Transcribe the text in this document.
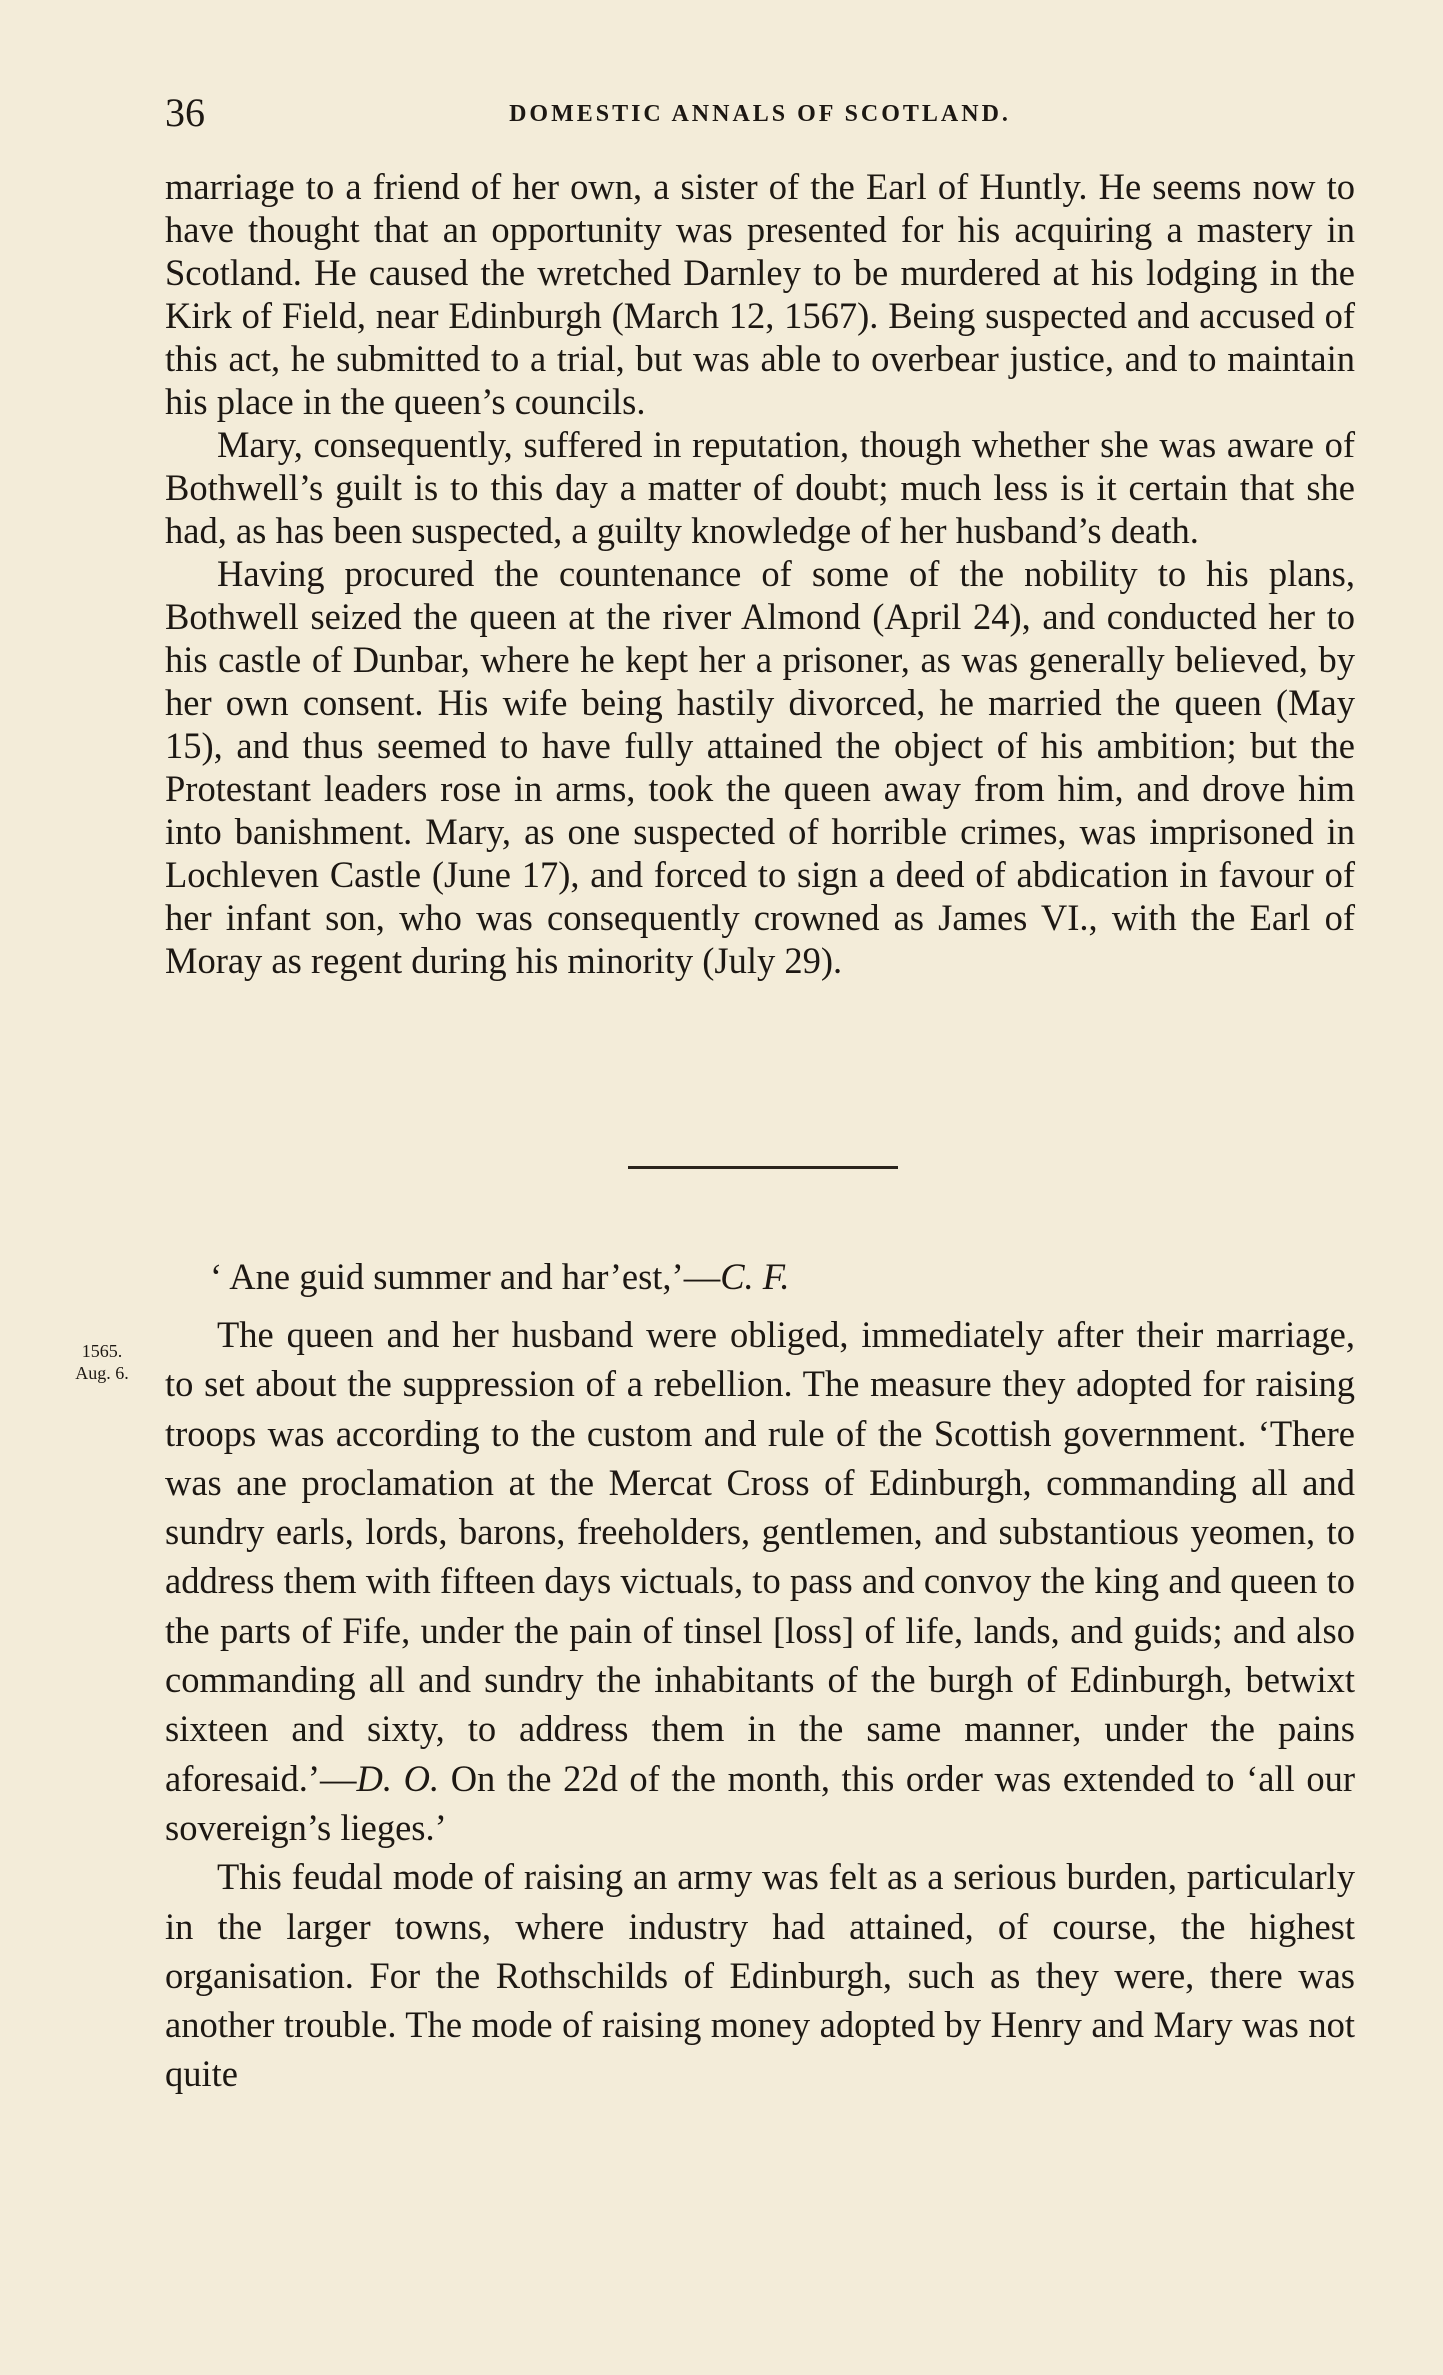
36	DOMESTIC ANNALS OF SCOTLAND.

marriage to a friend of her own, a sister of the Earl of Huntly. He seems now to have thought that an opportunity was presented for his acquiring a mastery in Scotland. He caused the wretched Darnley to be murdered at his lodging in the Kirk of Field, near Edinburgh (March 12, 1567). Being suspected and accused of this act, he submitted to a trial, but was able to overbear justice, and to maintain his place in the queen’s councils.

Mary, consequently, suffered in reputation, though whether she was aware of Bothwell’s guilt is to this day a matter of doubt; much less is it certain that she had, as has been suspected, a guilty knowledge of her husband’s death.

Having procured the countenance of some of the nobility to his plans, Bothwell seized the queen at the river Almond (April 24), and conducted her to his castle of Dunbar, where he kept her a prisoner, as was generally believed, by her own consent. His wife being hastily divorced, he married the queen (May 15), and thus seemed to have fully attained the object of his ambition; but the Protestant leaders rose in arms, took the queen away from him, and drove him into banishment. Mary, as one suspected of horrible crimes, was imprisoned in Lochleven Castle (June 17), and forced to sign a deed of abdication in favour of her infant son, who was consequently crowned as James VI., with the Earl of Moray as regent during his minority (July 29).

‘ Ane guid summer and har’est,’—C. F.
1565.
Aug. 6.

The queen and her husband were obliged, immediately after their marriage, to set about the suppression of a rebellion. The measure they adopted for raising troops was according to the custom and rule of the Scottish government. ‘There was ane proclamation at the Mercat Cross of Edinburgh, commanding all and sundry earls, lords, barons, freeholders, gentlemen, and substantious yeomen, to address them with fifteen days victuals, to pass and convoy the king and queen to the parts of Fife, under the pain of tinsel [loss] of life, lands, and guids; and also commanding all and sundry the inhabitants of the burgh of Edinburgh, betwixt sixteen and sixty, to address them in the same manner, under the pains aforesaid.’—D. O. On the 22d of the month, this order was extended to ‘all our sovereign’s lieges.’

This feudal mode of raising an army was felt as a serious burden, particularly in the larger towns, where industry had attained, of course, the highest organisation. For the Rothschilds of Edinburgh, such as they were, there was another trouble. The mode of raising money adopted by Henry and Mary was not quite
